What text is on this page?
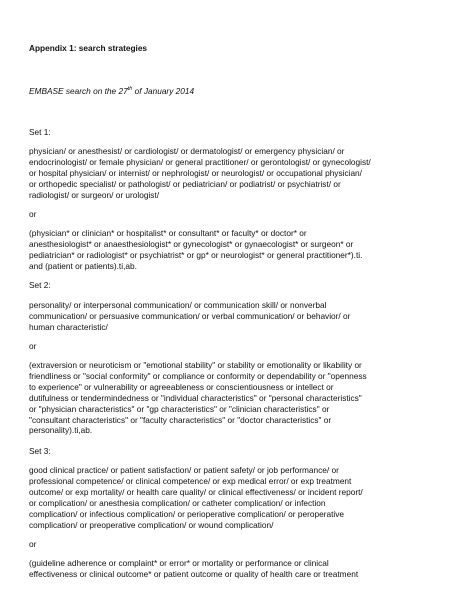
Appendix 1: search strategies
EMBASE search on the 27th of January 2014
Set 1:
physician/ or anesthesist/ or cardiologist/ or dermatologist/ or emergency physician/ or
endocrinologist/ or female physician/ or general practitioner/ or gerontologist/ or gynecologist/
or hospital physician/ or internist/ or nephrologist/ or neurologist/ or occupational physician/
or orthopedic specialist/ or pathologist/ or pediatrician/ or podiatrist/ or psychiatrist/ or
radiologist/ or surgeon/ or urologist/
or
(physician* or clinician* or hospitalist* or consultant* or faculty* or doctor* or
anesthesiologist* or anaesthesiologist* or gynecologist* or gynaecologist* or surgeon* or
pediatrician* or radiologist* or psychiatrist* or gp* or neurologist* or general practitioner*).ti.
and (patient or patients).ti,ab.
Set 2:
personality/ or interpersonal communication/ or communication skill/ or nonverbal
communication/ or persuasive communication/ or verbal communication/ or behavior/ or
human characteristic/
or
(extraversion or neuroticism or "emotional stability" or stability or emotionality or likability or
friendliness or "social conformity" or compliance or conformity or dependability or "openness
to experience" or vulnerability or agreeableness or conscientiousness or intellect or
dutifulness or tendermindedness or "individual characteristics" or "personal characteristics"
or "physician characteristics" or "gp characteristics" or "clinician characteristics" or
"consultant characteristics" or "faculty characteristics" or "doctor characteristics" or
personality).ti,ab.
Set 3:
good clinical practice/ or patient satisfaction/ or patient safety/ or job performance/ or
professional competence/ or clinical competence/ or exp medical error/ or exp treatment
outcome/ or exp mortality/ or health care quality/ or clinical effectiveness/ or incident report/
or complication/ or anesthesia complication/ or catheter complication/ or infection
complication/ or infectious complication/ or perioperative complication/ or peroperative
complication/ or preoperative complication/ or wound complication/
or
(guideline adherence or complaint* or error* or mortality or performance or clinical
effectiveness or clinical outcome* or patient outcome or quality of health care or treatment
